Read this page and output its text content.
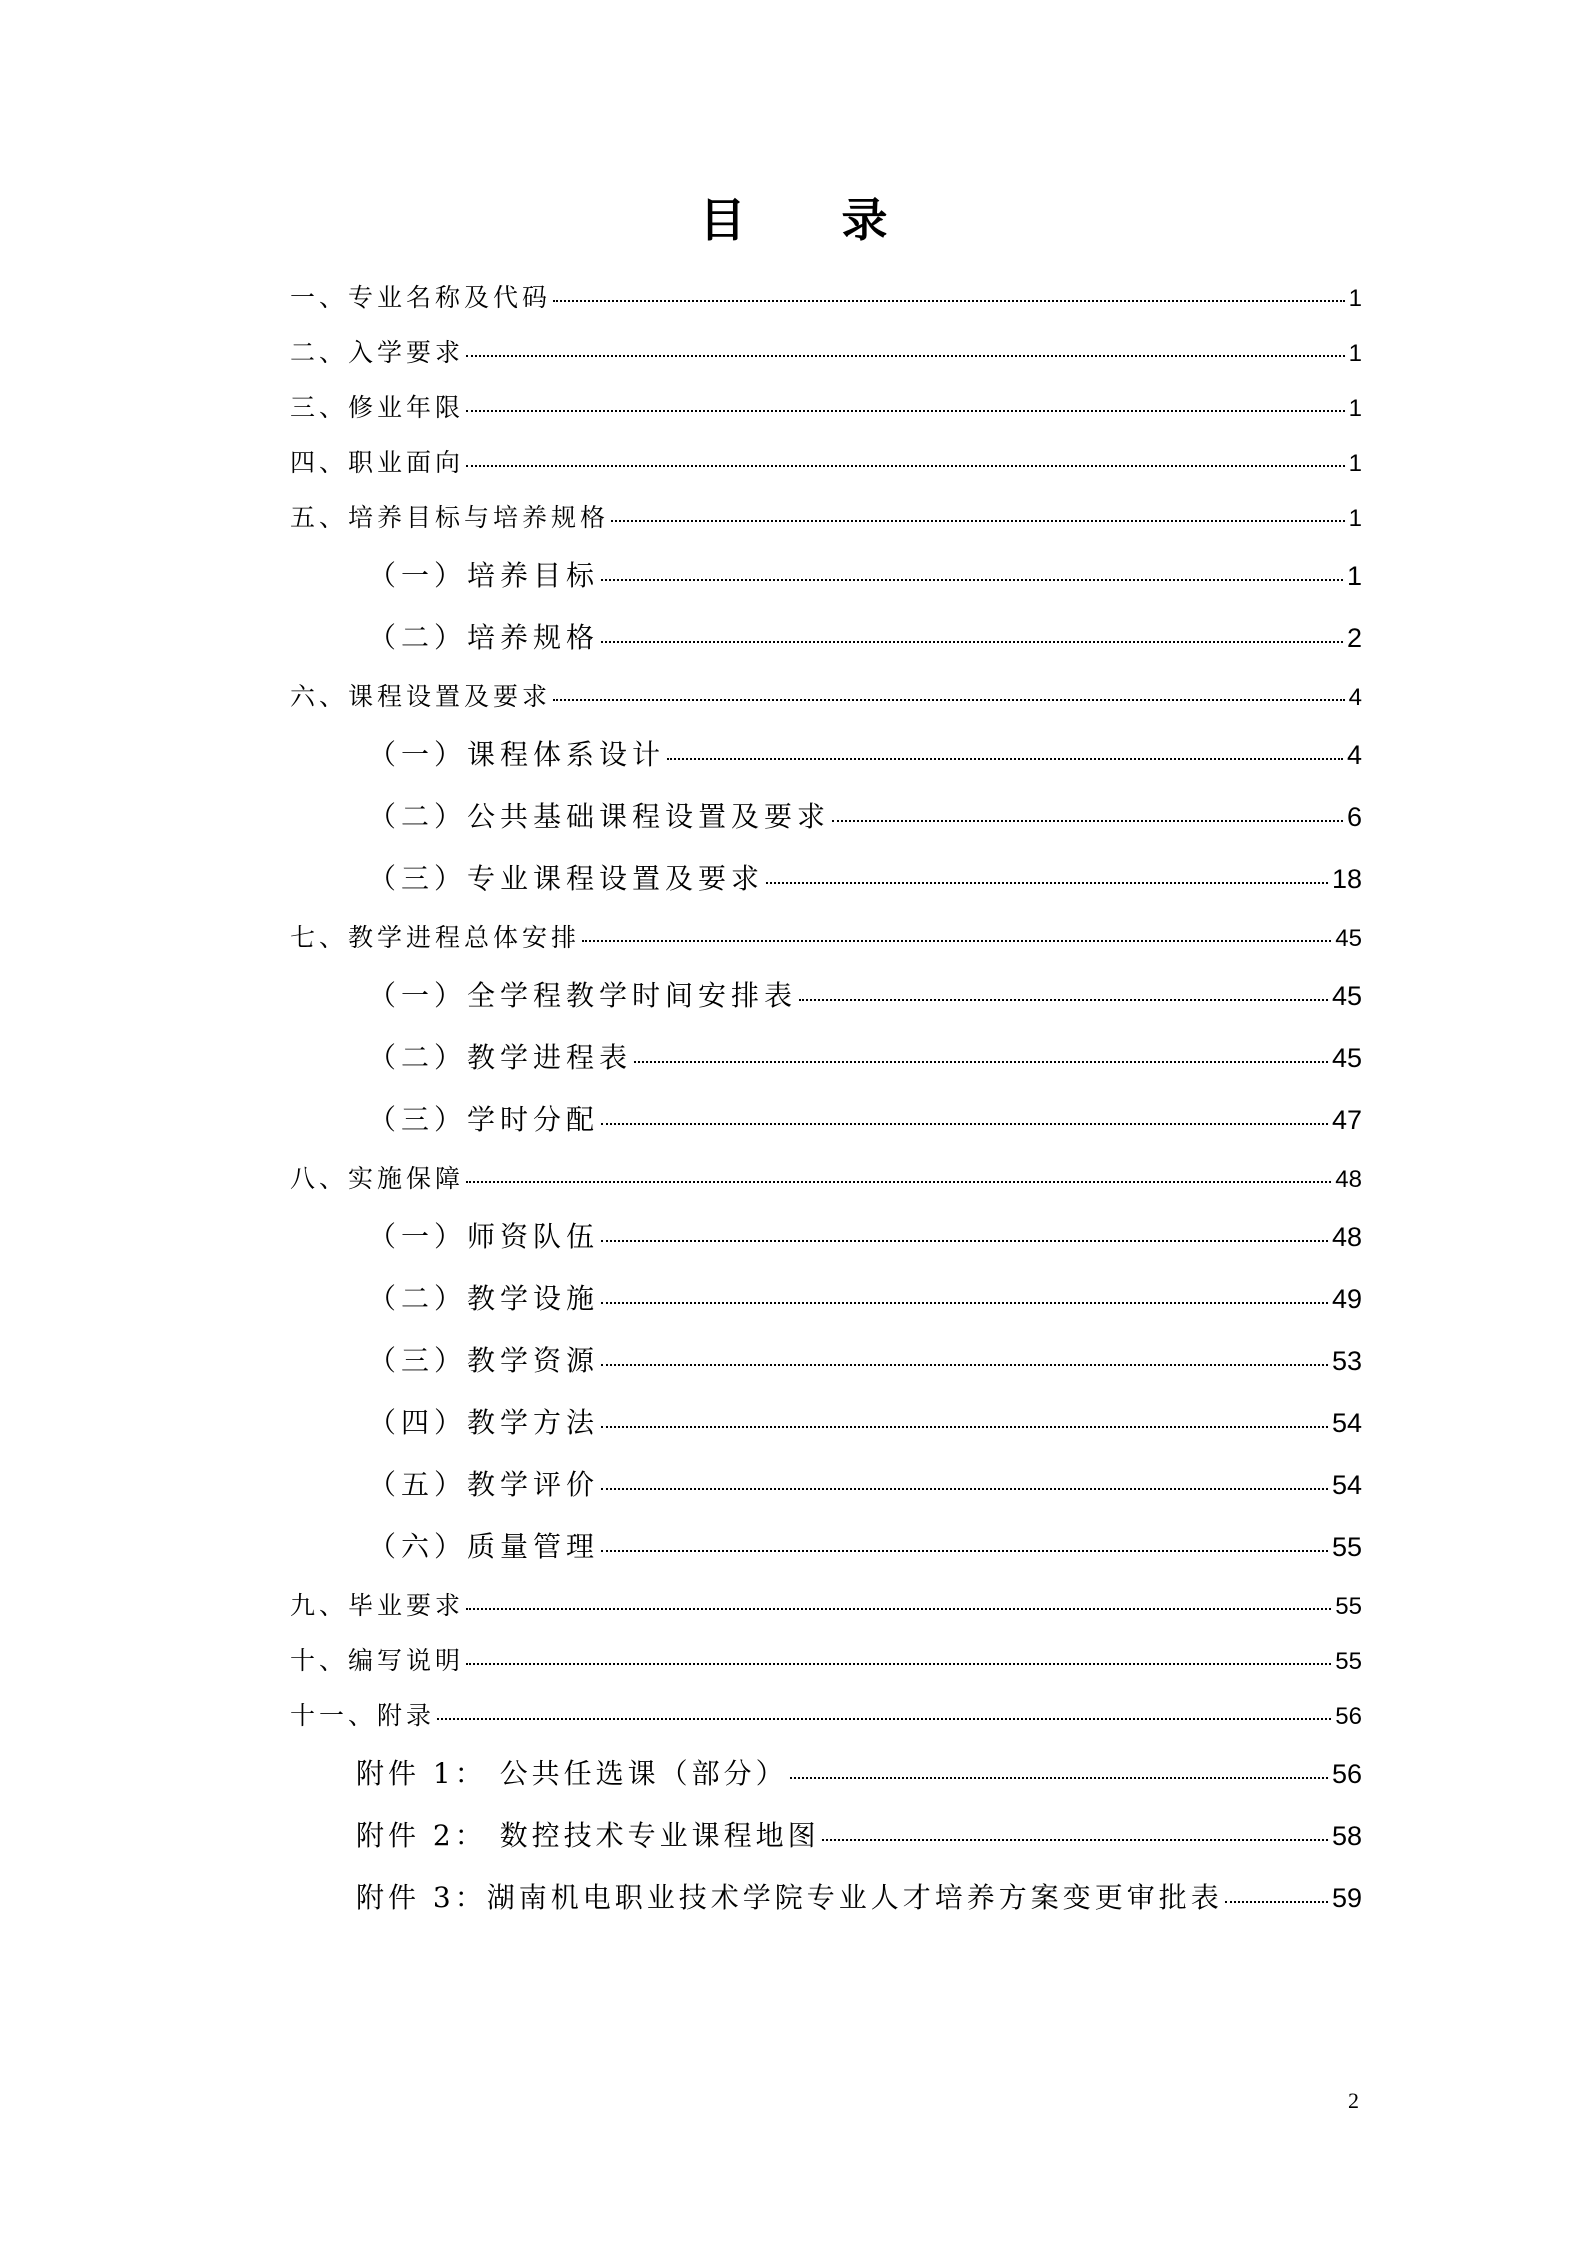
目 录
一、专业名称及代码	1
二、入学要求	1
三、修业年限	1
四、职业面向	1
五、培养目标与培养规格	1
（一）培养目标	1
（二）培养规格	2
六、课程设置及要求	4
（一）课程体系设计	4
（二）公共基础课程设置及要求	6
（三）专业课程设置及要求	18
七、教学进程总体安排	45
（一）全学程教学时间安排表	45
（二）教学进程表	45
（三）学时分配	47
八、实施保障	48
（一）师资队伍	48
（二）教学设施	49
（三）教学资源	53
（四）教学方法	54
（五）教学评价	54
（六）质量管理	55
九、毕业要求	55
十、编写说明	55
十一、附录	56
附件 1： 公共任选课（部分）	56
附件 2： 数控技术专业课程地图	58
附件 3：湖南机电职业技术学院专业人才培养方案变更审批表	59
2
